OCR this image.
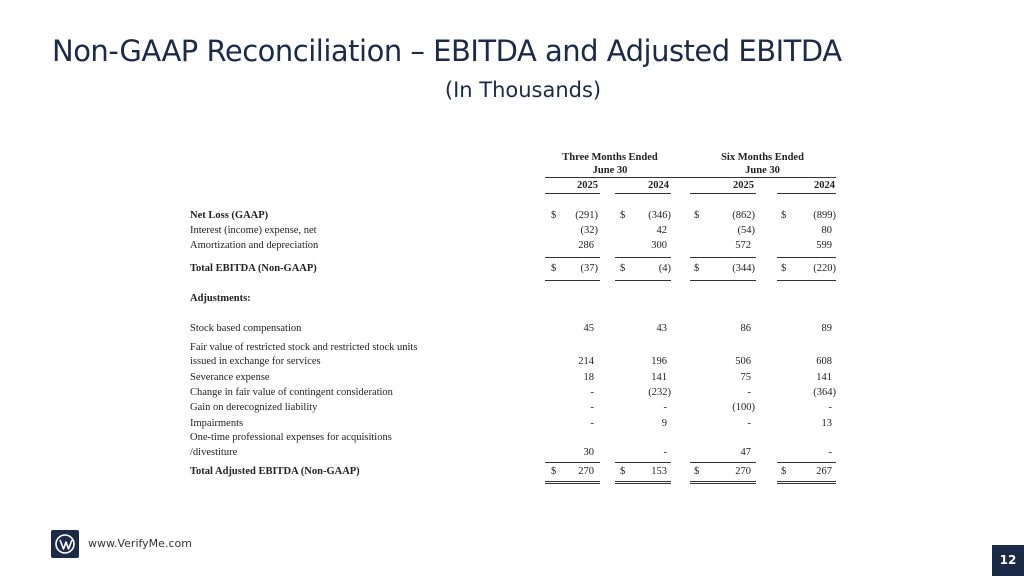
Non-GAAP Reconciliation – EBITDA and Adjusted EBITDA
(In Thousands)
Three Months Ended
June 30
Six Months Ended
June 30
2025	2024	2025	2024
Net Loss (GAAP)	$	(291) $	(346) $	(862) $	(899)
Interest (income) expense, net	(32)	42	(54)	80
Amortization and depreciation	286	300	572	599
Total EBITDA (Non-GAAP)	$	(37) $	(4) $	(344) $	(220)
Adjustments:
Stock based compensation	45	43	86	89
Fair value of restricted stock and restricted stock units
issued in exchange for services	214	196	506	608
Severance expense	18	141	75	141
Change in fair value of contingent consideration	-	(232)	-	(364)
Gain on derecognized liability	-	-	(100)	-
Impairments	-	9	-	13
One-time professional expenses for acquisitions
/divestiture	30	-	47	-
Total Adjusted EBITDA (Non-GAAP)	$	270 $	153	$	270	$	267
www.VerifyMe.com
12
